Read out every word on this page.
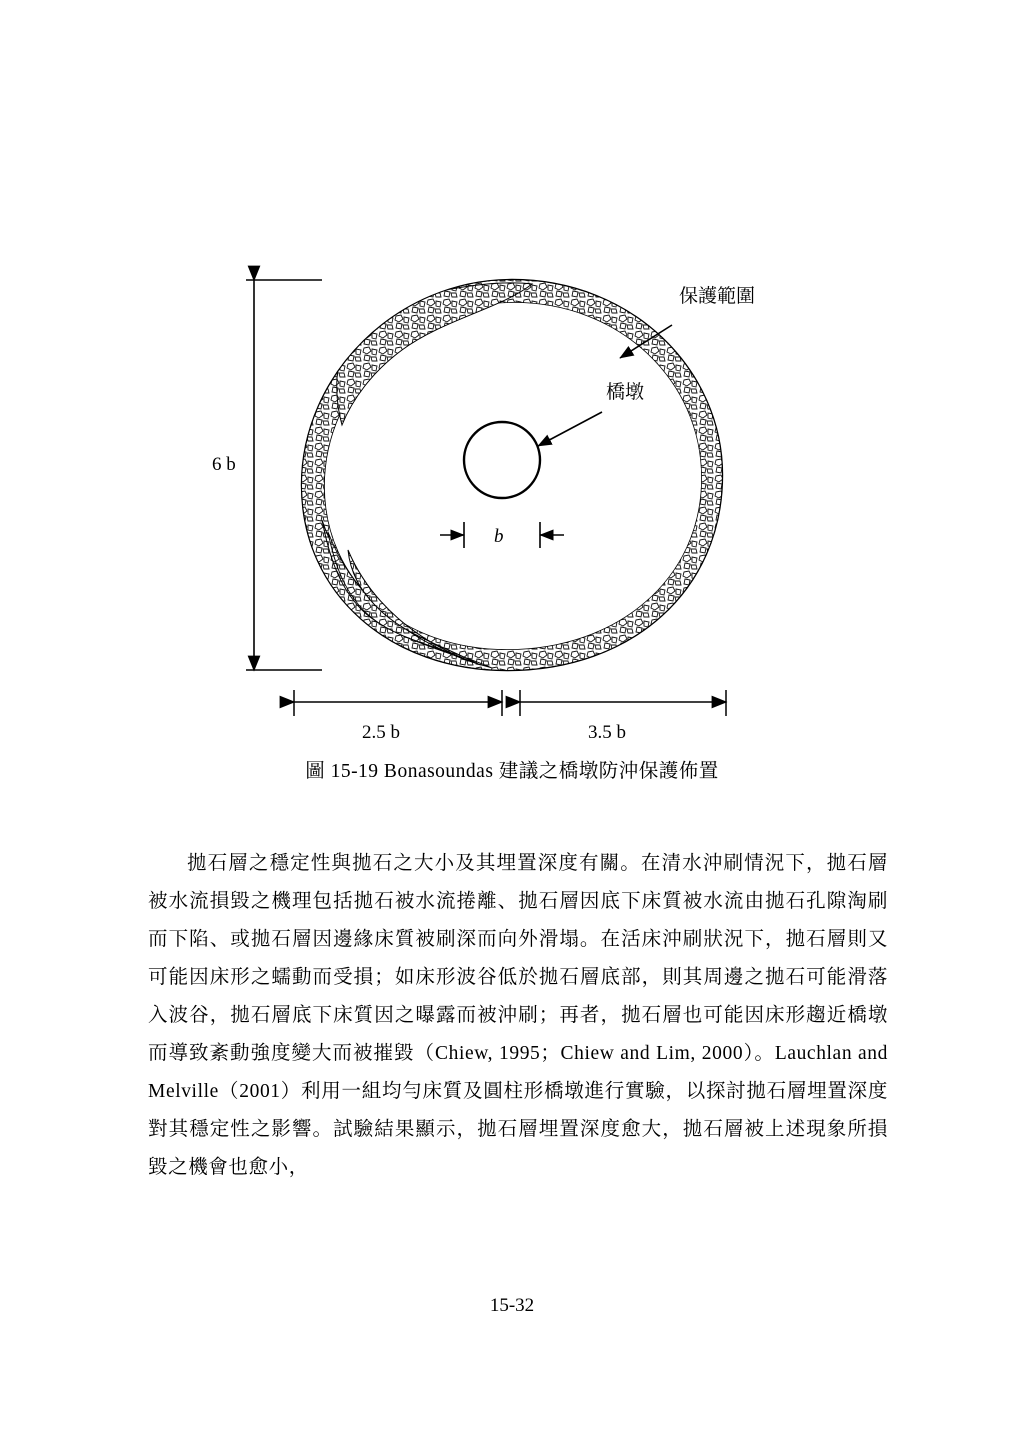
6 b
保護範圍
橋墩
b
2.5 b	3.5 b
圖 15-19 Bonasoundas 建議之橋墩防沖保護佈置

拋石層之穩定性與拋石之大小及其埋置深度有關。在清水沖刷情況下，拋石層被水流損毀之機理包括拋石被水流捲離、拋石層因底下床質被水流由拋石孔隙淘刷而下陷、或拋石層因邊緣床質被刷深而向外滑塌。在活床沖刷狀況下，拋石層則又可能因床形之蠕動而受損；如床形波谷低於拋石層底部，則其周邊之拋石可能滑落入波谷，拋石層底下床質因之曝露而被沖刷；再者，拋石層也可能因床形趨近橋墩而導致紊動強度變大而被摧毀（Chiew, 1995；Chiew and Lim, 2000）。Lauchlan and Melville（2001）利用一組均勻床質及圓柱形橋墩進行實驗，以探討拋石層埋置深度對其穩定性之影響。試驗結果顯示，拋石層埋置深度愈大，拋石層被上述現象所損毀之機會也愈小，

15-32
